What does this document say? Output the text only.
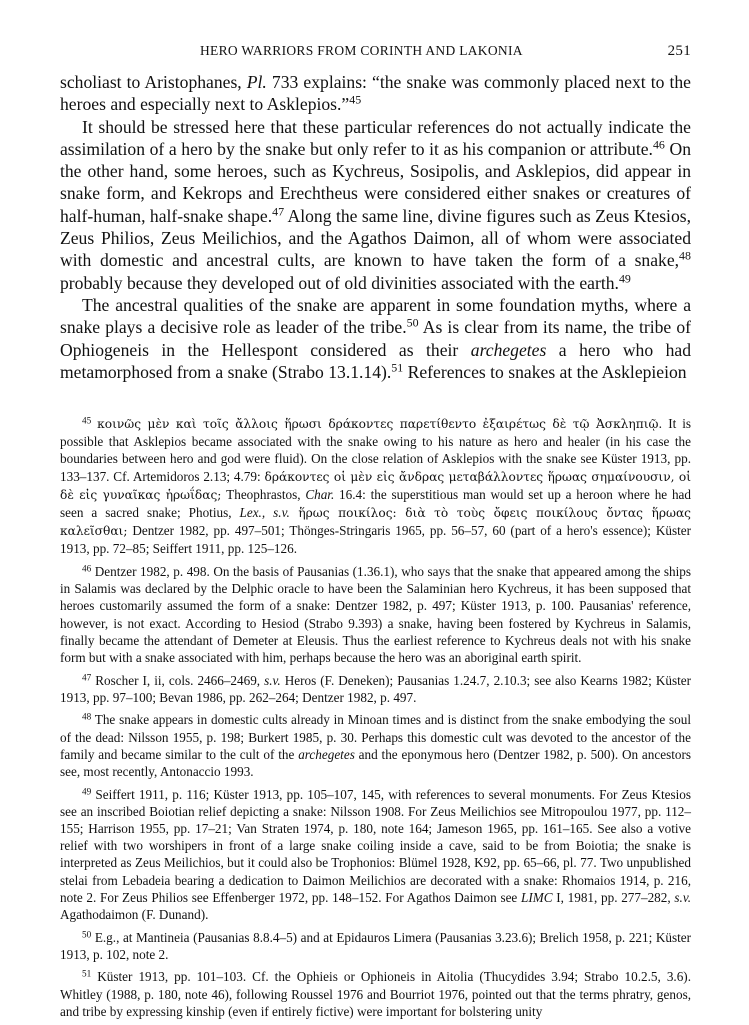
HERO WARRIORS FROM CORINTH AND LAKONIA	251

scholiast to Aristophanes, Pl. 733 explains: “the snake was commonly placed next to the heroes and especially next to Asklepios.”$^{45}$

It should be stressed here that these particular references do not actually indicate the assimilation of a hero by the snake but only refer to it as his companion or attribute.$^{46}$ On the other hand, some heroes, such as Kychreus, Sosipolis, and Asklepios, did appear in snake form, and Kekrops and Erechtheus were considered either snakes or creatures of half-human, half-snake shape.$^{47}$ Along the same line, divine figures such as Zeus Ktesios, Zeus Philios, Zeus Meilichios, and the Agathos Daimon, all of whom were associated with domestic and ancestral cults, are known to have taken the form of a snake,$^{48}$ probably because they developed out of old divinities associated with the earth.$^{49}$

The ancestral qualities of the snake are apparent in some foundation myths, where a snake plays a decisive role as leader of the tribe.$^{50}$ As is clear from its name, the tribe of Ophiogeneis in the Hellespont considered as their archegetes a hero who had metamorphosed from a snake (Strabo 13.1.14).$^{51}$ References to snakes at the Asklepieion

$^{45}$ κοινῶς μὲν καὶ τοῖς ἄλλοις ἥρωσι δράκοντες παρετίθεντο ἐξαιρέτως δὲ τῷ Ἀσκληπιῷ. It is possible that Asklepios became associated with the snake owing to his nature as hero and healer (in his case the boundaries between hero and god were fluid). On the close relation of Asklepios with the snake see Küster 1913, pp. 133–137. Cf. Artemidoros 2.13; 4.79: δράκοντες οἱ μὲν εἰς ἄνδρας μεταβάλλοντες ἥρωας σημαίνουσιν, οἱ δὲ εἰς γυναῖκας ἡρωΐδας; Theophrastos, Char. 16.4: the superstitious man would set up a heroon where he had seen a sacred snake; Photius, Lex., s.v. ἥρως ποικίλος: διὰ τὸ τοὺς ὄφεις ποικίλους ὄντας ἥρωας καλεῖσθαι; Dentzer 1982, pp. 497–501; Thönges-Stringaris 1965, pp. 56–57, 60 (part of a hero's essence); Küster 1913, pp. 72–85; Seiffert 1911, pp. 125–126.

$^{46}$ Dentzer 1982, p. 498. On the basis of Pausanias (1.36.1), who says that the snake that appeared among the ships in Salamis was declared by the Delphic oracle to have been the Salaminian hero Kychreus, it has been supposed that heroes customarily assumed the form of a snake: Dentzer 1982, p. 497; Küster 1913, p. 100. Pausanias' reference, however, is not exact. According to Hesiod (Strabo 9.393) a snake, having been fostered by Kychreus in Salamis, finally became the attendant of Demeter at Eleusis. Thus the earliest reference to Kychreus deals not with his snake form but with a snake associated with him, perhaps because the hero was an aboriginal earth spirit.

$^{47}$ Roscher I, ii, cols. 2466–2469, s.v. Heros (F. Deneken); Pausanias 1.24.7, 2.10.3; see also Kearns 1982; Küster 1913, pp. 97–100; Bevan 1986, pp. 262–264; Dentzer 1982, p. 497.

$^{48}$ The snake appears in domestic cults already in Minoan times and is distinct from the snake embodying the soul of the dead: Nilsson 1955, p. 198; Burkert 1985, p. 30. Perhaps this domestic cult was devoted to the ancestor of the family and became similar to the cult of the archegetes and the eponymous hero (Dentzer 1982, p. 500). On ancestors see, most recently, Antonaccio 1993.

$^{49}$ Seiffert 1911, p. 116; Küster 1913, pp. 105–107, 145, with references to several monuments. For Zeus Ktesios see an inscribed Boiotian relief depicting a snake: Nilsson 1908. For Zeus Meilichios see Mitropoulou 1977, pp. 112–155; Harrison 1955, pp. 17–21; Van Straten 1974, p. 180, note 164; Jameson 1965, pp. 161–165. See also a votive relief with two worshipers in front of a large snake coiling inside a cave, said to be from Boiotia; the snake is interpreted as Zeus Meilichios, but it could also be Trophonios: Blümel 1928, K92, pp. 65–66, pl. 77. Two unpublished stelai from Lebadeia bearing a dedication to Daimon Meilichios are decorated with a snake: Rhomaios 1914, p. 216, note 2. For Zeus Philios see Effenberger 1972, pp. 148–152. For Agathos Daimon see LIMC I, 1981, pp. 277–282, s.v. Agathodaimon (F. Dunand).

$^{50}$ E.g., at Mantineia (Pausanias 8.8.4–5) and at Epidauros Limera (Pausanias 3.23.6); Brelich 1958, p. 221; Küster 1913, p. 102, note 2.

$^{51}$ Küster 1913, pp. 101–103. Cf. the Ophieis or Ophioneis in Aitolia (Thucydides 3.94; Strabo 10.2.5, 3.6). Whitley (1988, p. 180, note 46), following Roussel 1976 and Bourriot 1976, pointed out that the terms phratry, genos, and tribe by expressing kinship (even if entirely fictive) were important for bolstering unity
